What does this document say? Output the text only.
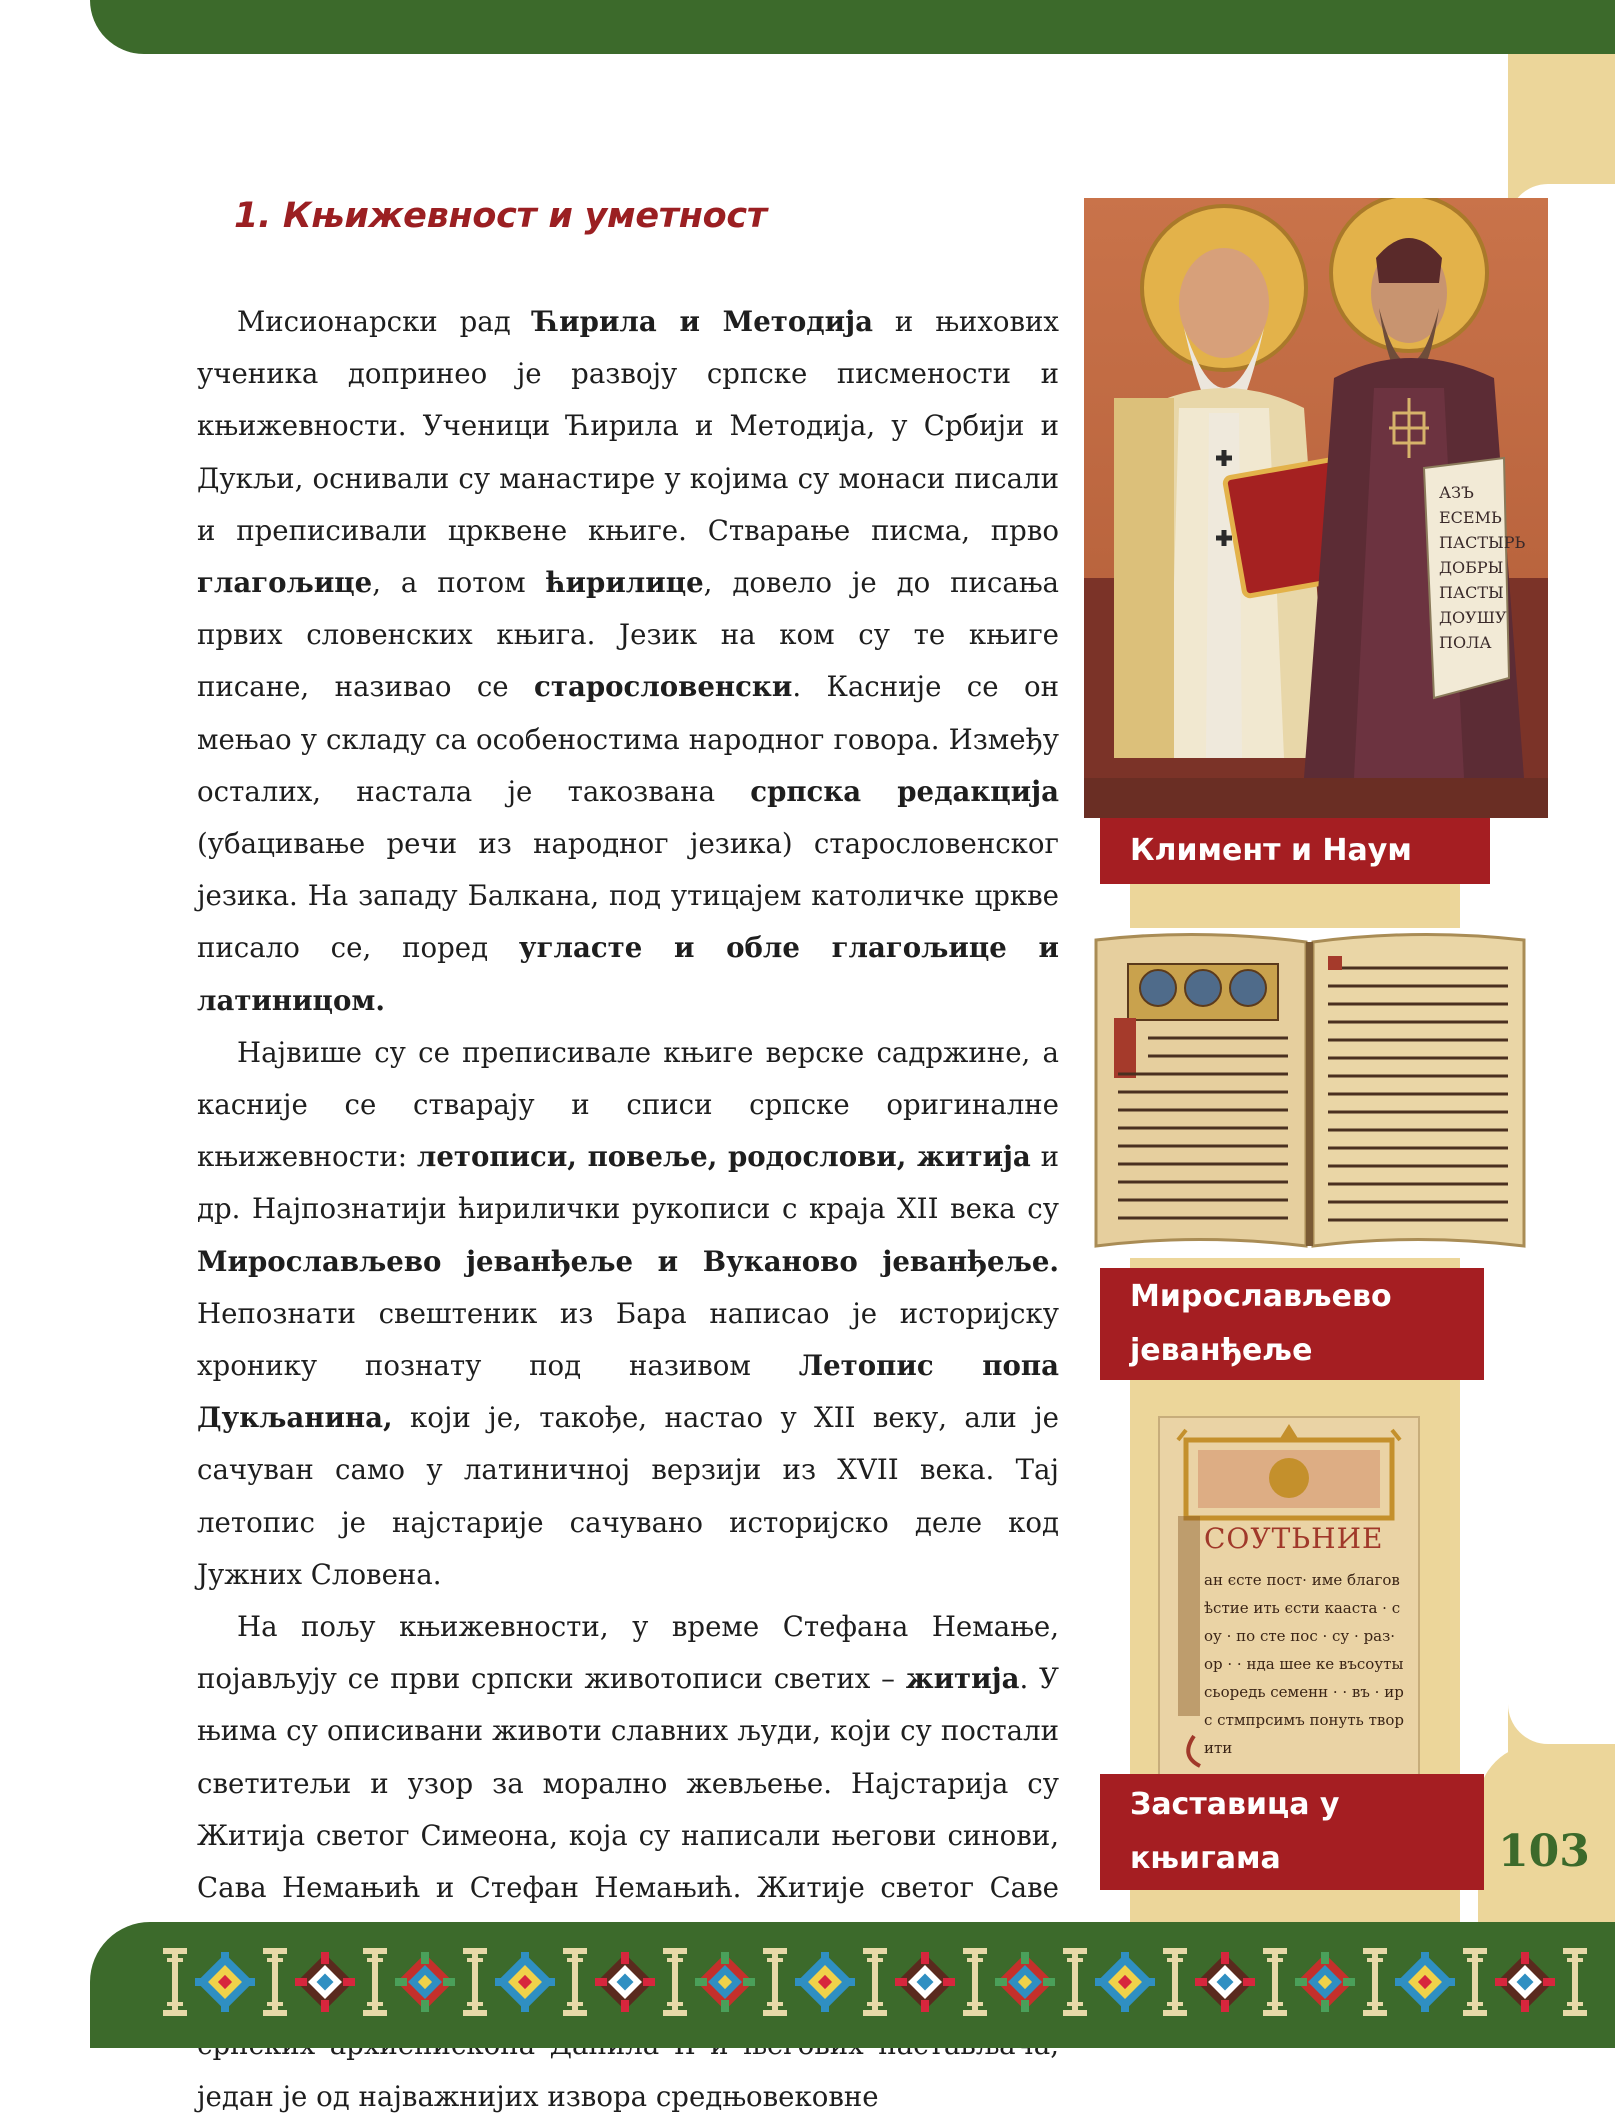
103
1. Књижевност и уметност

Мисионарски рад Ћирила и Методија и њихових ученика допринео је развоју српске писмености и књижевности. Ученици Ћирила и Методија, у Србији и Дукљи, оснивали су манастире у којима су монаси писали и преписивали црквене књиге. Стварање писма, прво глагољице, а потом ћирилице, довело је до писања првих словенских књига. Језик на ком су те књиге писане, називао се старословенски. Касније се он мењао у складу са особеностима народног говора. Између осталих, настала је такозвана српска редакција (убацивање речи из народног језика) старословенског језика. На западу Балкана, под утицајем католичке цркве писало се, поред угласте и обле глагољице и латиницом.

Највише су се преписивале књиге верске садржине, а касније се стварају и списи српске оригиналне књижевности: летописи, повеље, родослови, житија и др. Најпознатији ћирилички рукописи с краја XII века су Мирослављево јеванђеље и Вуканово јеванђеље. Непознати свештеник из Бара написао је историјску хронику познату под називом Летопис попа Дукљанина, који је, такође, настао у XII веку, али је сачуван само у латиничној верзији из XVII века. Тај летопис је најстарије сачувано историјско деле код Јужних Словена.

На пољу књижевности, у време Стефана Немање, појављују се први српски животописи светих – житија. У њима су описивани животи славних људи, који су постали светитељи и узор за морално жевљење. Најстарија су Житија светог Симеона, која су написали његови синови, Сава Немањић и Стефан Немањић. Житије светог Саве један је од најважнијих извора средњовековне

АЗЪ
ЕСЕМЬ
ПАСТЫРЬ
ДОБРЫ
ПАСТЫ
ДОУШУ
ПОЛА
Климент и Наум
Мирослављево
јеванђеље
СОУТЬНИЕ
ан єсте пост· име благовѣстие ить єсти кааста · соу · по сте пос · су · раз· ор · · нда шее ке въсоуты сьоредь семенн · · въ · ирс стмпрсимъ понуть творити
Заставица у
књигама
